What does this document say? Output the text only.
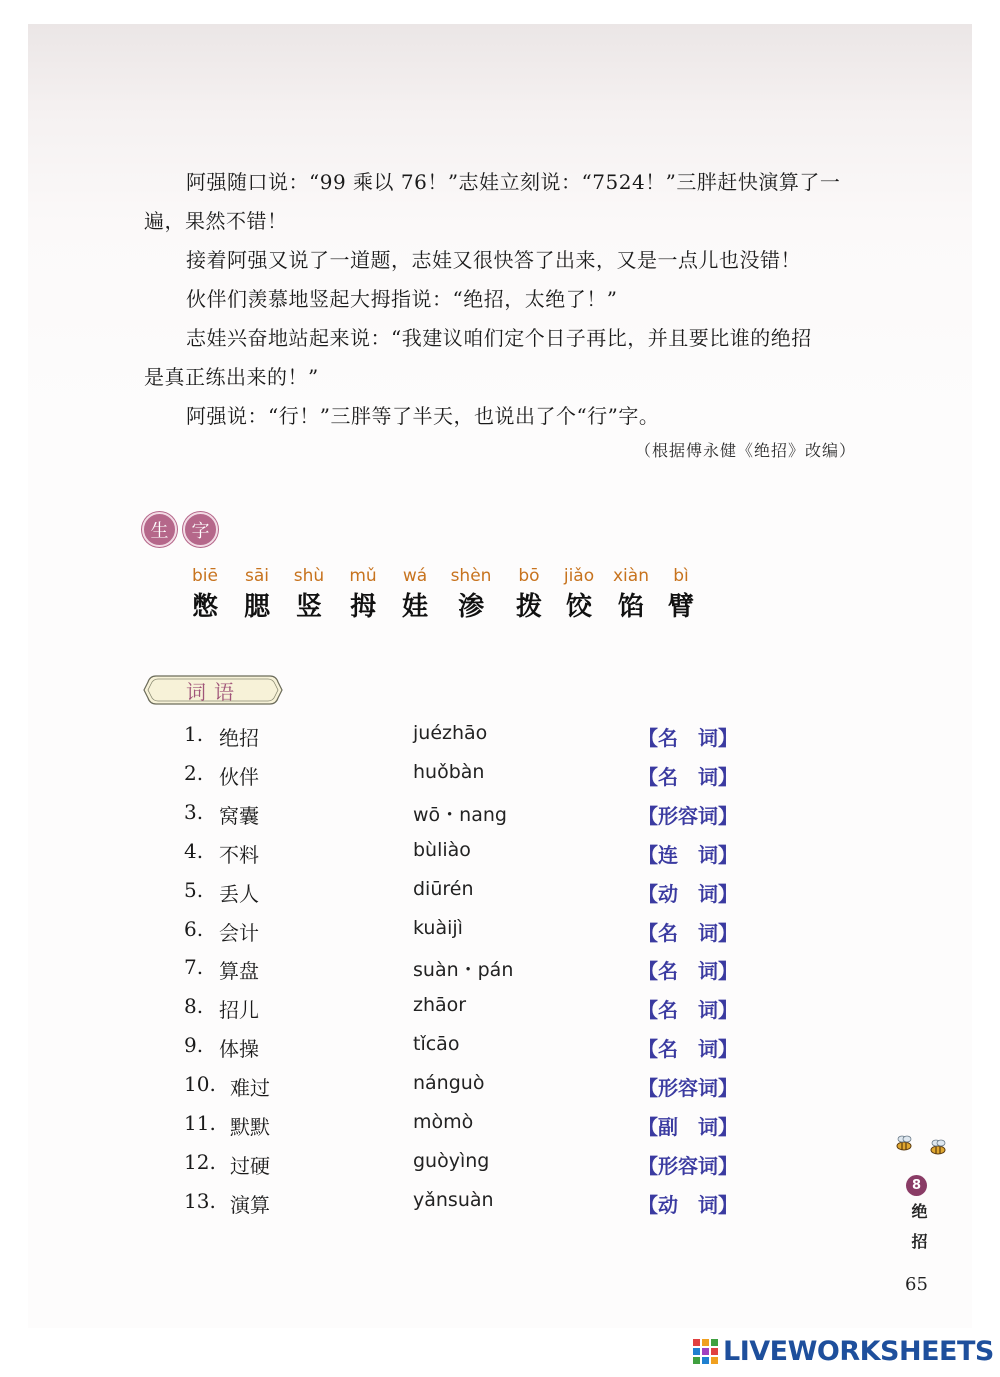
阿强随口说：“99 乘以 76！”志娃立刻说：“7524！”三胖赶快演算了一
遍，果然不错！
接着阿强又说了一道题，志娃又很快答了出来，又是一点儿也没错！
伙伴们羡慕地竖起大拇指说：“绝招，太绝了！”
志娃兴奋地站起来说：“我建议咱们定个日子再比，并且要比谁的绝招
是真正练出来的！”
阿强说：“行！”三胖等了半天，也说出了个“行”字。
（根据傅永健《绝招》改编）
生	字
biē
憋
sāi
腮
shù
竖
mǔ
拇
wá
娃
shèn
渗
bō
拨
jiǎo
饺
xiàn
馅
bì
臂
词语
1. 绝招	juézhāo	【名　词】
2. 伙伴	huǒbàn	【名　词】
3. 窝囊	wō・nang	【形容词】
4. 不料	bùliào	【连　词】
5. 丢人	diūrén	【动　词】
6. 会计	kuàijì	【名　词】
7. 算盘	suàn・pán	【名　词】
8. 招儿	zhāor	【名　词】
9. 体操	tǐcāo	【名　词】
10. 难过	nánguò	【形容词】
11. 默默	mòmò	【副　词】
12. 过硬	guòyìng	【形容词】
13. 演算	yǎnsuàn	【动　词】
8
绝招
65
LIVEWORKSHEETS
